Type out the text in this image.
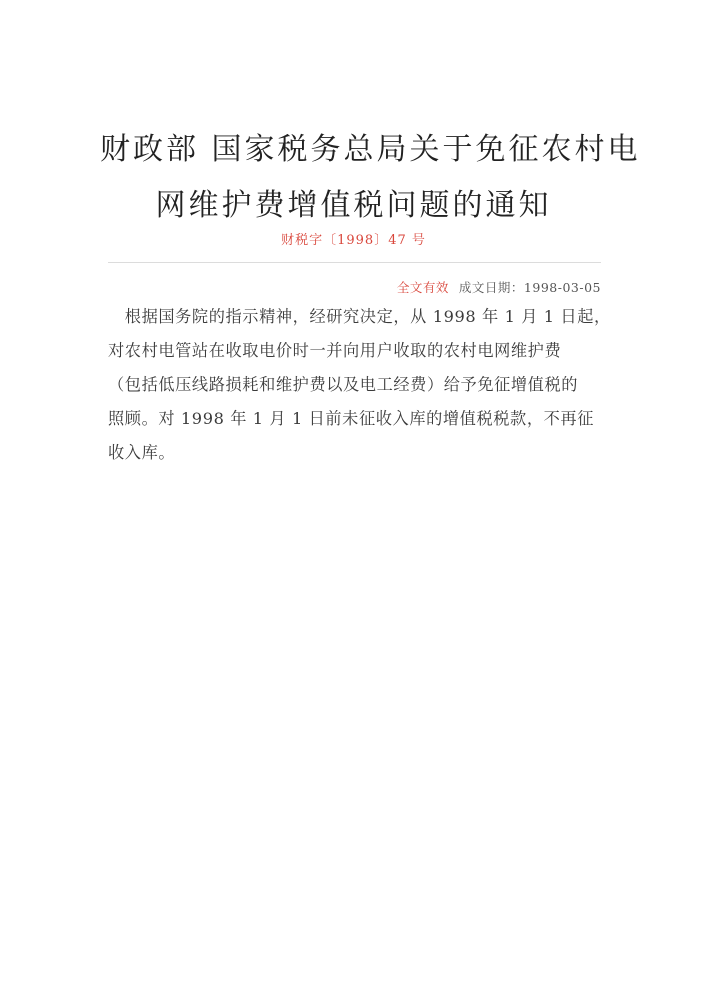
财政部 国家税务总局关于免征农村电
网维护费增值税问题的通知
财税字〔1998〕47 号
全文有效 成文日期：1998-03-05
　根据国务院的指示精神，经研究决定，从 1998 年 1 月 1 日起，
对农村电管站在收取电价时一并向用户收取的农村电网维护费
（包括低压线路损耗和维护费以及电工经费）给予免征增值税的
照顾。对 1998 年 1 月 1 日前未征收入库的增值税税款，不再征
收入库。
